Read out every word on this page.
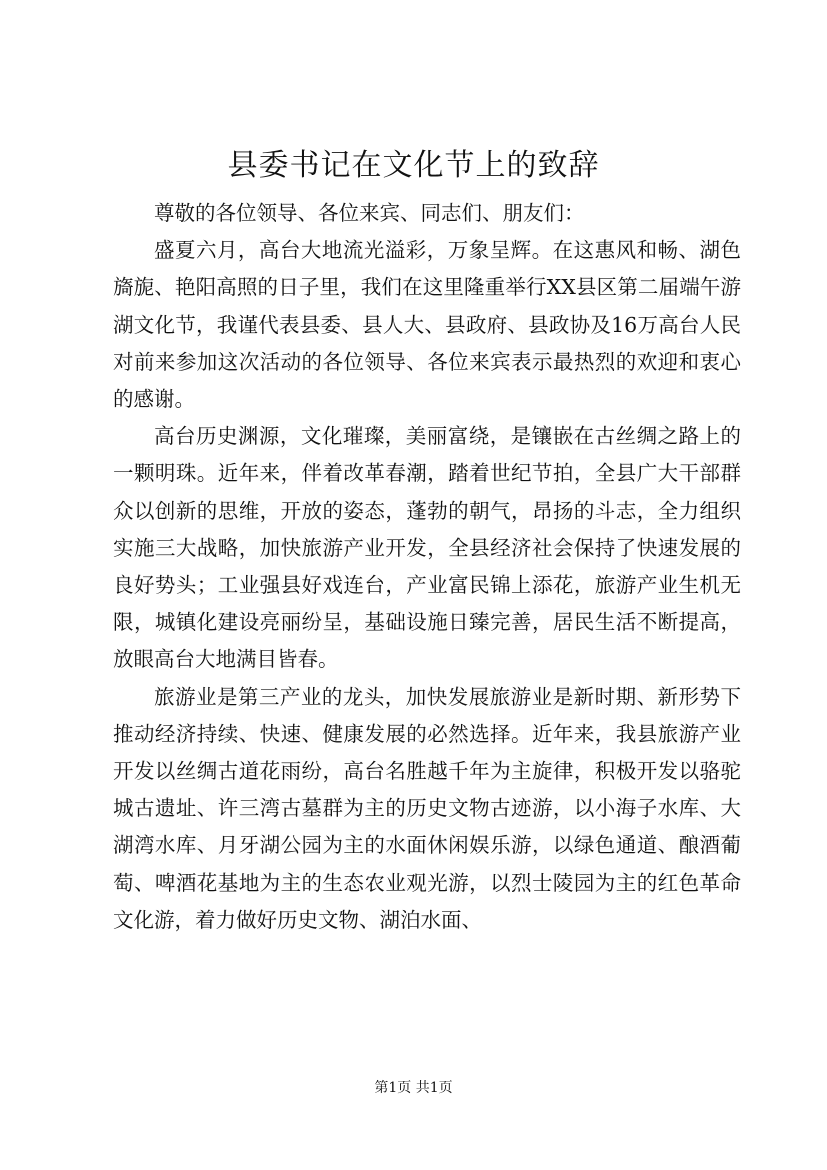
县委书记在文化节上的致辞

尊敬的各位领导、各位来宾、同志们、朋友们：

盛夏六月，高台大地流光溢彩，万象呈辉。在这惠风和畅、湖色旖旎、艳阳高照的日子里，我们在这里隆重举行XX县区第二届端午游湖文化节，我谨代表县委、县人大、县政府、县政协及16万高台人民对前来参加这次活动的各位领导、各位来宾表示最热烈的欢迎和衷心的感谢。

高台历史渊源，文化璀璨，美丽富绕，是镶嵌在古丝绸之路上的一颗明珠。近年来，伴着改革春潮，踏着世纪节拍，全县广大干部群众以创新的思维，开放的姿态，蓬勃的朝气，昂扬的斗志，全力组织实施三大战略，加快旅游产业开发，全县经济社会保持了快速发展的良好势头；工业强县好戏连台，产业富民锦上添花，旅游产业生机无限，城镇化建设亮丽纷呈，基础设施日臻完善，居民生活不断提高，放眼高台大地满目皆春。

旅游业是第三产业的龙头，加快发展旅游业是新时期、新形势下推动经济持续、快速、健康发展的必然选择。近年来，我县旅游产业开发以丝绸古道花雨纷，高台名胜越千年为主旋律，积极开发以骆驼城古遗址、许三湾古墓群为主的历史文物古迹游，以小海子水库、大湖湾水库、月牙湖公园为主的水面休闲娱乐游，以绿色通道、酿酒葡萄、啤酒花基地为主的生态农业观光游，以烈士陵园为主的红色革命文化游，着力做好历史文物、湖泊水面、

第1页 共1页
